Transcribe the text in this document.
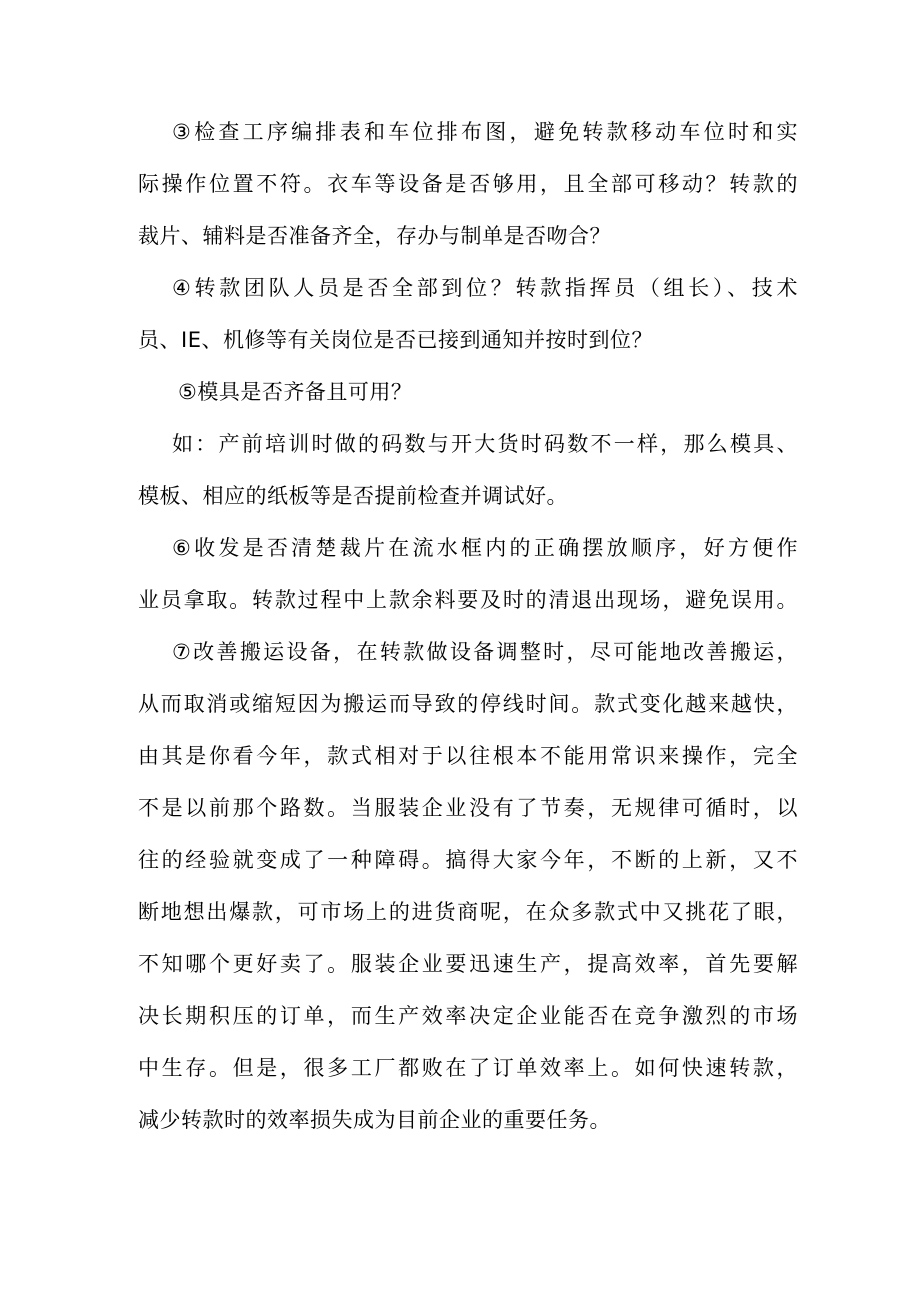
③检查工序编排表和车位排布图，避免转款移动车位时和实
际操作位置不符。衣车等设备是否够用，且全部可移动？转款的
裁片、辅料是否准备齐全，存办与制单是否吻合？
④转款团队人员是否全部到位？转款指挥员（组长）、技术
员、IE、机修等有关岗位是否已接到通知并按时到位？
⑤模具是否齐备且可用？
如：产前培训时做的码数与开大货时码数不一样，那么模具、
模板、相应的纸板等是否提前检查并调试好。
⑥收发是否清楚裁片在流水框内的正确摆放顺序，好方便作
业员拿取。转款过程中上款余料要及时的清退出现场，避免误用。
⑦改善搬运设备，在转款做设备调整时，尽可能地改善搬运，
从而取消或缩短因为搬运而导致的停线时间。款式变化越来越快，
由其是你看今年，款式相对于以往根本不能用常识来操作，完全
不是以前那个路数。当服装企业没有了节奏，无规律可循时，以
往的经验就变成了一种障碍。搞得大家今年，不断的上新，又不
断地想出爆款，可市场上的进货商呢，在众多款式中又挑花了眼，
不知哪个更好卖了。服装企业要迅速生产，提高效率，首先要解
决长期积压的订单，而生产效率决定企业能否在竞争激烈的市场
中生存。但是，很多工厂都败在了订单效率上。如何快速转款，
减少转款时的效率损失成为目前企业的重要任务。
